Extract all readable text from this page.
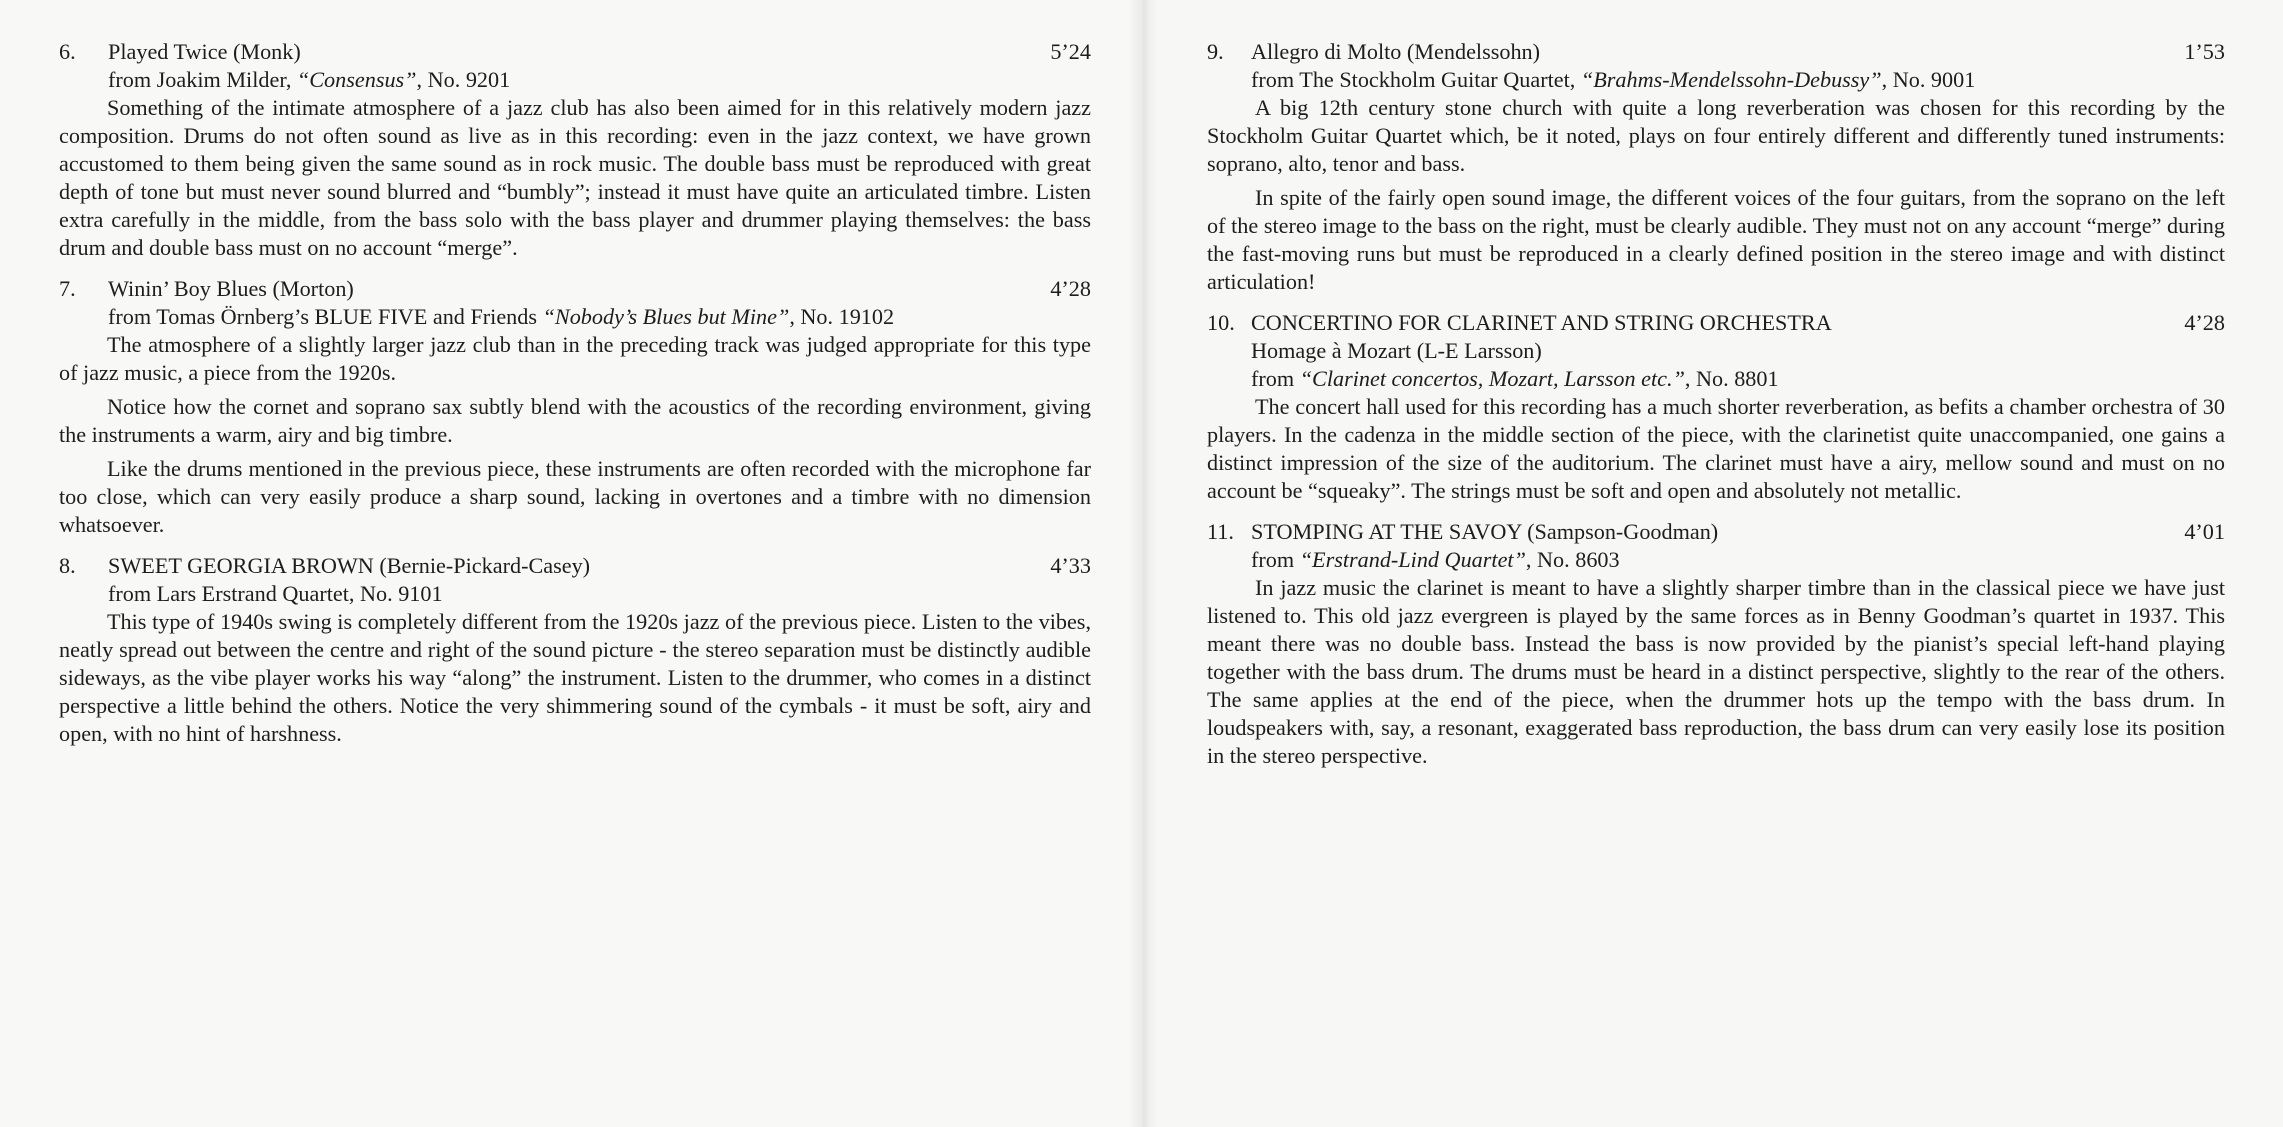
6.	Played Twice (Monk)	5’24
from Joakim Milder, “Consensus”, No. 9201

Something of the intimate atmosphere of a jazz club has also been aimed for in this relatively modern jazz composition. Drums do not often sound as live as in this recording: even in the jazz context, we have grown accustomed to them being given the same sound as in rock music. The double bass must be reproduced with great depth of tone but must never sound blurred and “bumbly”; instead it must have quite an articulated timbre. Listen extra carefully in the middle, from the bass solo with the bass player and drummer playing themselves: the bass drum and double bass must on no account “merge”.

7.	Winin’ Boy Blues (Morton)	4’28
from Tomas Örnberg’s BLUE FIVE and Friends “Nobody’s Blues but Mine”, No. 19102

The atmosphere of a slightly larger jazz club than in the preceding track was judged appropriate for this type of jazz music, a piece from the 1920s.

Notice how the cornet and soprano sax subtly blend with the acoustics of the recording environment, giving the instruments a warm, airy and big timbre.

Like the drums mentioned in the previous piece, these instruments are often recorded with the microphone far too close, which can very easily produce a sharp sound, lacking in overtones and a timbre with no dimension whatsoever.

8.	SWEET GEORGIA BROWN (Bernie-Pickard-Casey)	4’33
from Lars Erstrand Quartet, No. 9101

This type of 1940s swing is completely different from the 1920s jazz of the previous piece. Listen to the vibes, neatly spread out between the centre and right of the sound picture - the stereo separation must be distinctly audible sideways, as the vibe player works his way “along” the instrument. Listen to the drummer, who comes in a distinct perspective a little behind the others. Notice the very shimmering sound of the cymbals - it must be soft, airy and open, with no hint of harshness.

9.	Allegro di Molto (Mendelssohn)	1’53
from The Stockholm Guitar Quartet, “Brahms-Mendelssohn-Debussy”, No. 9001

A big 12th century stone church with quite a long reverberation was chosen for this recording by the Stockholm Guitar Quartet which, be it noted, plays on four entirely different and differently tuned instruments: soprano, alto, tenor and bass.

In spite of the fairly open sound image, the different voices of the four guitars, from the soprano on the left of the stereo image to the bass on the right, must be clearly audible. They must not on any account “merge” during the fast-moving runs but must be reproduced in a clearly defined position in the stereo image and with distinct articulation!

10. CONCERTINO FOR CLARINET AND STRING ORCHESTRA	4’28
Homage à Mozart (L-E Larsson)
from “Clarinet concertos, Mozart, Larsson etc.”, No. 8801

The concert hall used for this recording has a much shorter reverberation, as befits a chamber orchestra of 30 players. In the cadenza in the middle section of the piece, with the clarinetist quite unaccompanied, one gains a distinct impression of the size of the auditorium. The clarinet must have a airy, mellow sound and must on no account be “squeaky”. The strings must be soft and open and absolutely not metallic.

11. STOMPING AT THE SAVOY (Sampson-Goodman)	4’01
from “Erstrand-Lind Quartet”, No. 8603

In jazz music the clarinet is meant to have a slightly sharper timbre than in the classical piece we have just listened to. This old jazz evergreen is played by the same forces as in Benny Goodman’s quartet in 1937. This meant there was no double bass. Instead the bass is now provided by the pianist’s special left-hand playing together with the bass drum. The drums must be heard in a distinct perspective, slightly to the rear of the others. The same applies at the end of the piece, when the drummer hots up the tempo with the bass drum. In loudspeakers with, say, a resonant, exaggerated bass reproduction, the bass drum can very easily lose its position in the stereo perspective.
